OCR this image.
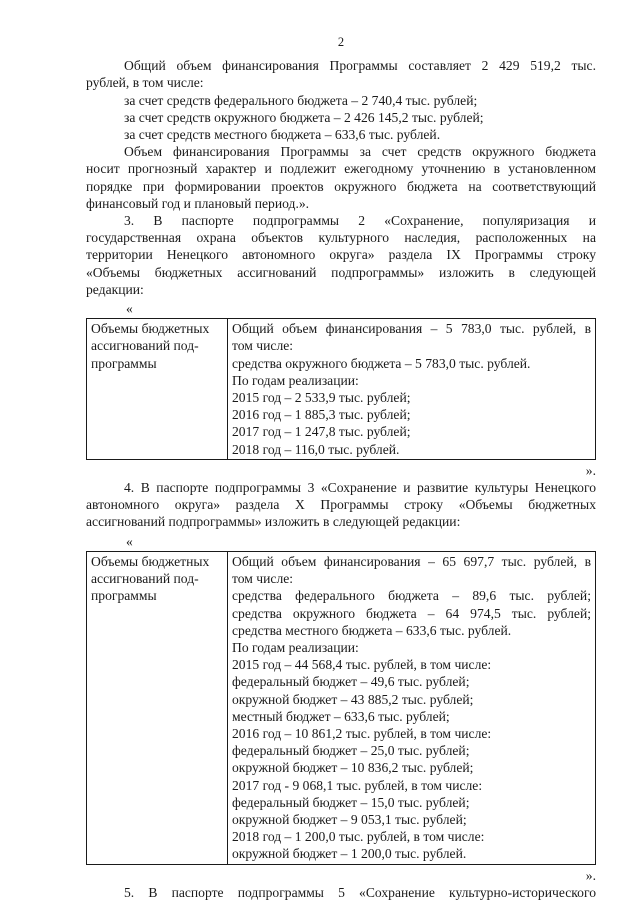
2

Общий объем финансирования Программы составляет 2 429 519,2 тыс.

рублей, в том числе:

за счет средств федерального бюджета – 2 740,4 тыс. рублей;

за счет средств окружного бюджета – 2 426 145,2 тыс. рублей;

за счет средств местного бюджета – 633,6 тыс. рублей.

Объем финансирования Программы за счет средств окружного бюджета

носит прогнозный характер и подлежит ежегодному уточнению в установленном

порядке при формировании проектов окружного бюджета на соответствующий

финансовый год и плановый период.».

3. В паспорте подпрограммы 2 «Сохранение, популяризация и

государственная охрана объектов культурного наследия, расположенных на

территории Ненецкого автономного округа» раздела IX Программы строку

«Объемы бюджетных ассигнований подпрограммы» изложить в следующей

редакции:

«

Объемы бюджетных
ассигнований под-
программы

Общий объем финансирования – 5 783,0 тыс. рублей, в
том числе:
средства окружного бюджета – 5 783,0 тыс. рублей.
По годам реализации:
2015 год – 2 533,9 тыс. рублей;
2016 год – 1 885,3 тыс. рублей;
2017 год – 1 247,8 тыс. рублей;
2018 год – 116,0 тыс. рублей.

».

4. В паспорте подпрограммы 3 «Сохранение и развитие культуры Ненецкого

автономного округа» раздела X Программы строку «Объемы бюджетных

ассигнований подпрограммы» изложить в следующей редакции:

«

Объемы бюджетных
ассигнований под-
программы

Общий объем финансирования – 65 697,7 тыс. рублей, в
том числе:
средства федерального бюджета – 89,6 тыс. рублей;
средства окружного бюджета – 64 974,5 тыс. рублей;
средства местного бюджета – 633,6 тыс. рублей.
По годам реализации:
2015 год – 44 568,4 тыс. рублей, в том числе:
федеральный бюджет – 49,6 тыс. рублей;
окружной бюджет – 43 885,2 тыс. рублей;
местный бюджет – 633,6 тыс. рублей;
2016 год – 10 861,2 тыс. рублей, в том числе:
федеральный бюджет – 25,0 тыс. рублей;
окружной бюджет – 10 836,2 тыс. рублей;
2017 год - 9 068,1 тыс. рублей, в том числе:
федеральный бюджет – 15,0 тыс. рублей;
окружной бюджет – 9 053,1 тыс. рублей;
2018 год – 1 200,0 тыс. рублей, в том числе:
окружной бюджет – 1 200,0 тыс. рублей.

».

5. В паспорте подпрограммы 5 «Сохранение культурно-исторического
